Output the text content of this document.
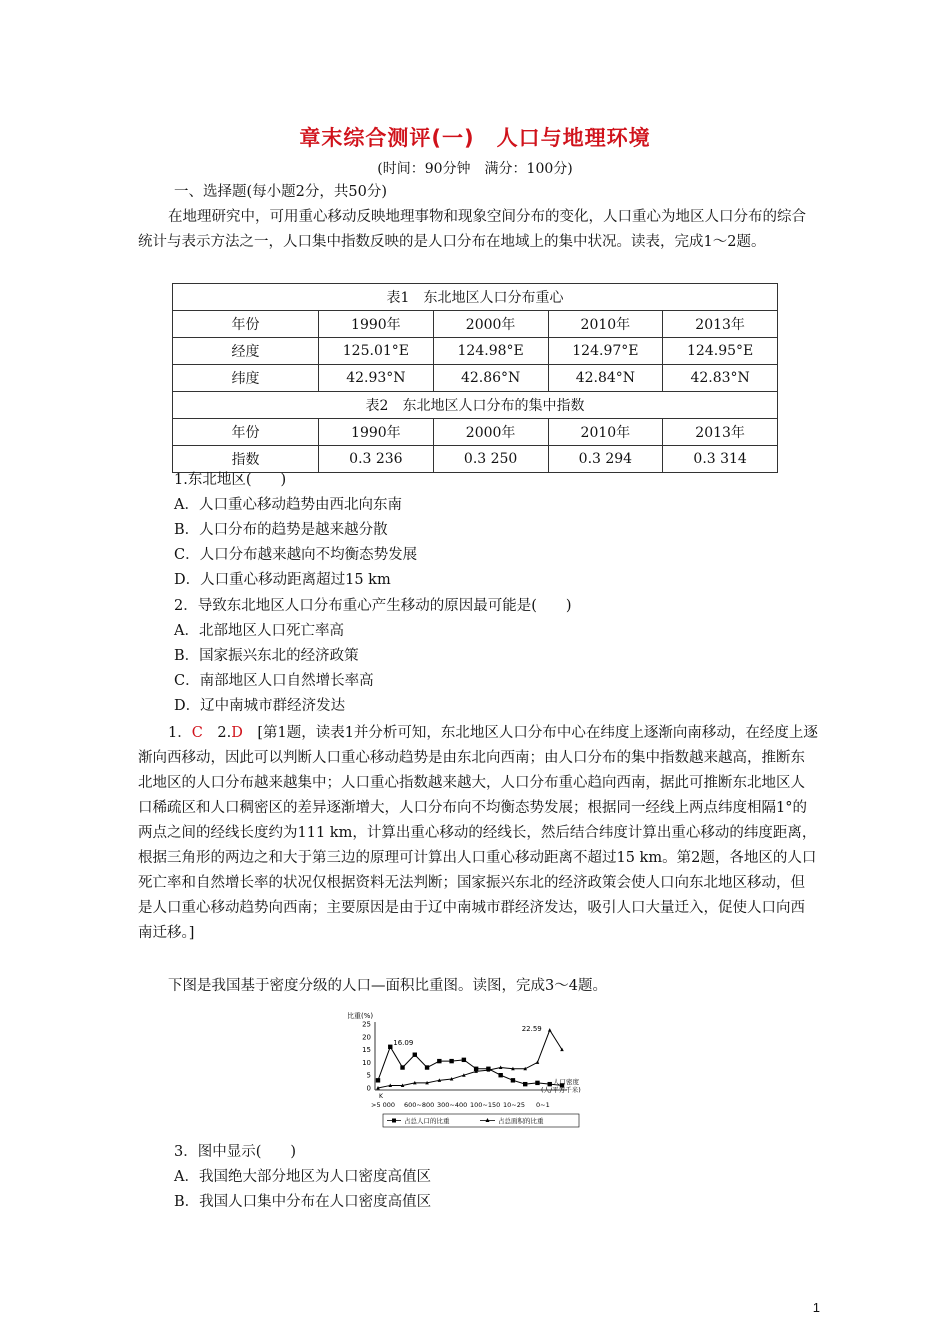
章末综合测评(一)　人口与地理环境
(时间：90分钟　满分：100分)
一、选择题(每小题2分，共50分)
在地理研究中，可用重心移动反映地理事物和现象空间分布的变化，人口重心为地区人口分布的综合统计与表示方法之一，人口集中指数反映的是人口分布在地域上的集中状况。读表，完成1～2题。
表1　东北地区人口分布重心				
年份	1990年	2000年	2010年	2013年
经度	125.01°E	124.98°E	124.97°E	124.95°E
纬度	42.93°N	42.86°N	42.84°N	42.83°N
表2　东北地区人口分布的集中指数				
年份	1990年	2000年	2010年	2013年
指数	0.3 236	0.3 250	0.3 294	0.3 314
1.东北地区(　　)
A．人口重心移动趋势由西北向东南
B．人口分布的趋势是越来越分散
C．人口分布越来越向不均衡态势发展
D．人口重心移动距离超过15 km
2．导致东北地区人口分布重心产生移动的原因最可能是(　　)
A．北部地区人口死亡率高
B．国家振兴东北的经济政策
C．南部地区人口自然增长率高
D．辽中南城市群经济发达
1．C　2.D　[第1题，读表1并分析可知，东北地区人口分布中心在纬度上逐渐向南移动，在经度上逐渐向西移动，因此可以判断人口重心移动趋势是由东北向西南；由人口分布的集中指数越来越高，推断东北地区的人口分布越来越集中；人口重心指数越来越大，人口分布重心趋向西南，据此可推断东北地区人口稀疏区和人口稠密区的差异逐渐增大，人口分布向不均衡态势发展；根据同一经线上两点纬度相隔1°的两点之间的经线长度约为111 km，计算出重心移动的经线长，然后结合纬度计算出重心移动的纬度距离，根据三角形的两边之和大于第三边的原理可计算出人口重心移动距离不超过15 km。第2题，各地区的人口死亡率和自然增长率的状况仅根据资料无法判断；国家振兴东北的经济政策会使人口向东北地区移动，但是人口重心移动趋势向西南；主要原因是由于辽中南城市群经济发达，吸引人口大量迁入，促使人口向西南迁移。]
下图是我国基于密度分级的人口—面积比重图。读图，完成3～4题。
比重(%)
25
20
15
10
5
0
16.09
22.59
K
>5 000 600~800 300~400 100~150 10~25 0~1
人口密度
(人/平方千米)
占总人口的比重	占总面积的比重
3．图中显示(　　)
A．我国绝大部分地区为人口密度高值区
B．我国人口集中分布在人口密度高值区
1
